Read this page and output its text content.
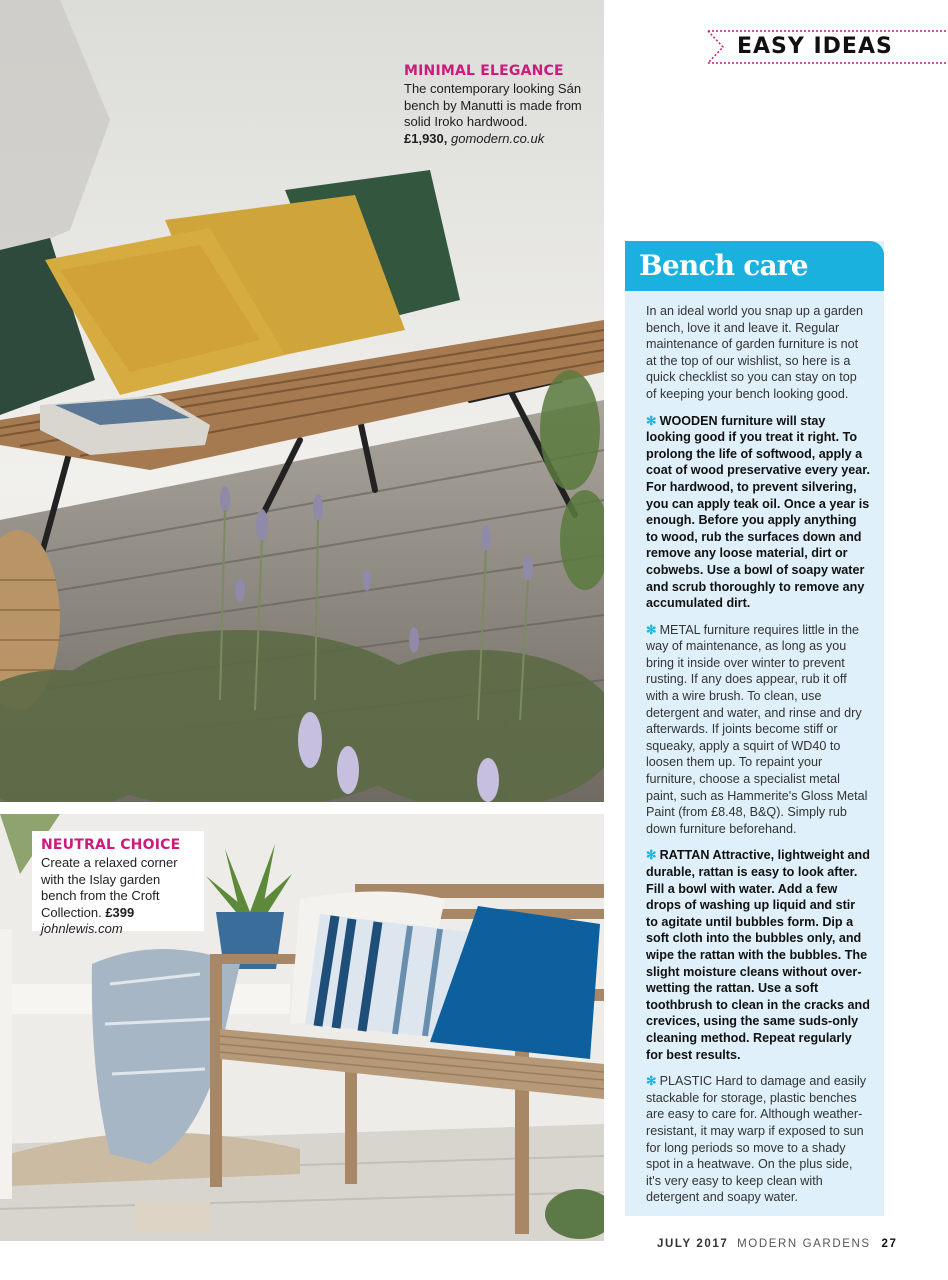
MINIMAL ELEGANCE
The contemporary looking Sán bench by Manutti is made from solid Iroko hardwood.
£1,930, gomodern.co.uk
NEUTRAL CHOICE
Create a relaxed corner with the Islay garden bench from the Croft Collection. £399
johnlewis.com
EASY IDEAS
Bench care

In an ideal world you snap up a garden bench, love it and leave it. Regular maintenance of garden furniture is not at the top of our wishlist, so here is a quick checklist so you can stay on top of keeping your bench looking good.

✻ WOODEN furniture will stay looking good if you treat it right. To prolong the life of softwood, apply a coat of wood preservative every year. For hardwood, to prevent silvering, you can apply teak oil. Once a year is enough. Before you apply anything to wood, rub the surfaces down and remove any loose material, dirt or cobwebs. Use a bowl of soapy water and scrub thoroughly to remove any accumulated dirt.

✻ METAL furniture requires little in the way of maintenance, as long as you bring it inside over winter to prevent rusting. If any does appear, rub it off with a wire brush. To clean, use detergent and water, and rinse and dry afterwards. If joints become stiff or squeaky, apply a squirt of WD40 to loosen them up. To repaint your furniture, choose a specialist metal paint, such as Hammerite's Gloss Metal Paint (from £8.48, B&Q). Simply rub down furniture beforehand.

✻ RATTAN Attractive, lightweight and durable, rattan is easy to look after. Fill a bowl with water. Add a few drops of washing up liquid and stir to agitate until bubbles form. Dip a soft cloth into the bubbles only, and wipe the rattan with the bubbles. The slight moisture cleans without over-wetting the rattan. Use a soft toothbrush to clean in the cracks and crevices, using the same suds-only cleaning method. Repeat regularly for best results.

✻ PLASTIC Hard to damage and easily stackable for storage, plastic benches are easy to care for. Although weather-resistant, it may warp if exposed to sun for long periods so move to a shady spot in a heatwave. On the plus side, it's very easy to keep clean with detergent and soapy water.

JULY 2017 MODERN GARDENS 27
